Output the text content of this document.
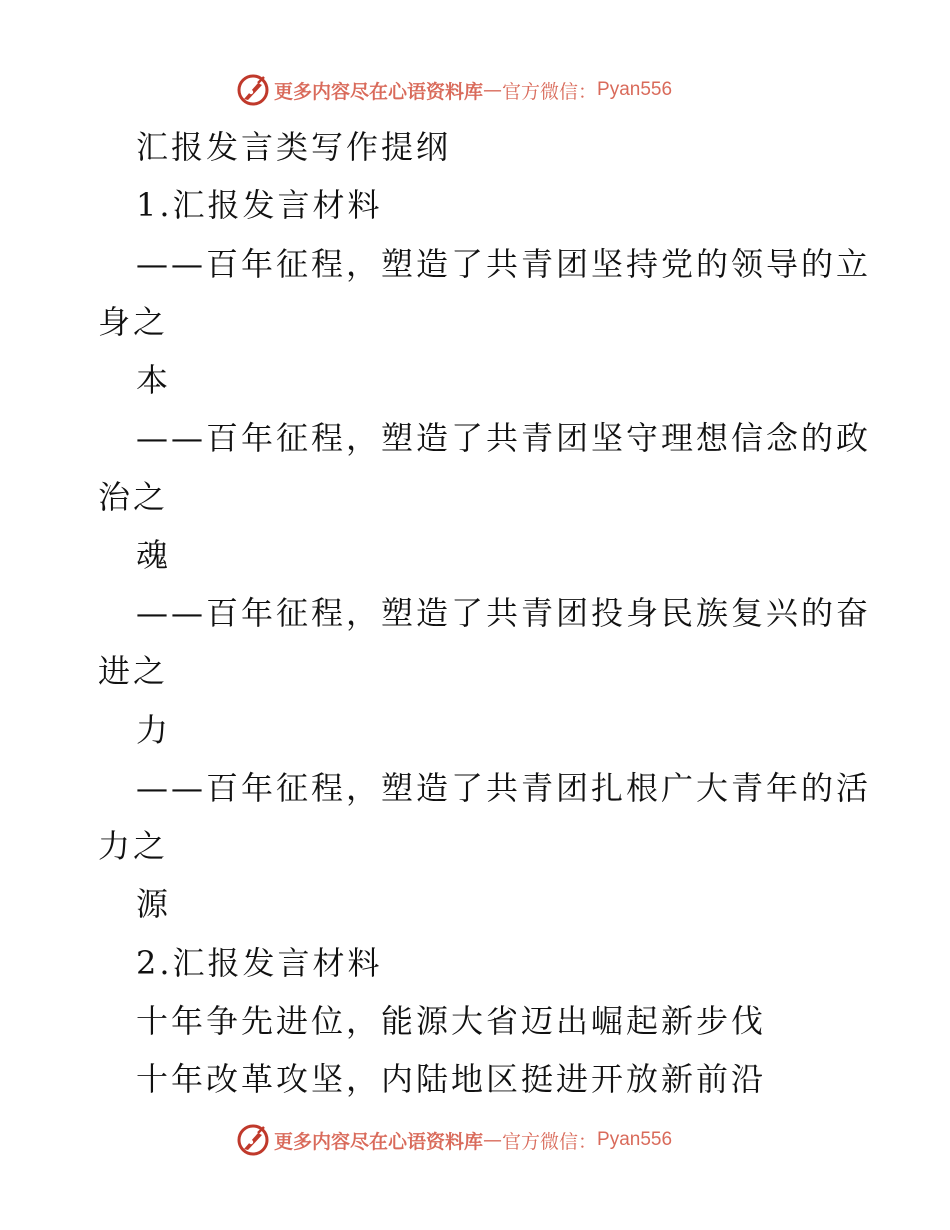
更多内容尽在心语资料库 — 官方微信： Pyan556
汇报发言类写作提纲
1.汇报发言材料
——百年征程，塑造了共青团坚持党的领导的立
身之
本
——百年征程，塑造了共青团坚守理想信念的政
治之
魂
——百年征程，塑造了共青团投身民族复兴的奋
进之
力
——百年征程，塑造了共青团扎根广大青年的活
力之
源
2.汇报发言材料
十年争先进位，能源大省迈出崛起新步伐
十年改革攻坚，内陆地区挺进开放新前沿
更多内容尽在心语资料库 — 官方微信： Pyan556
